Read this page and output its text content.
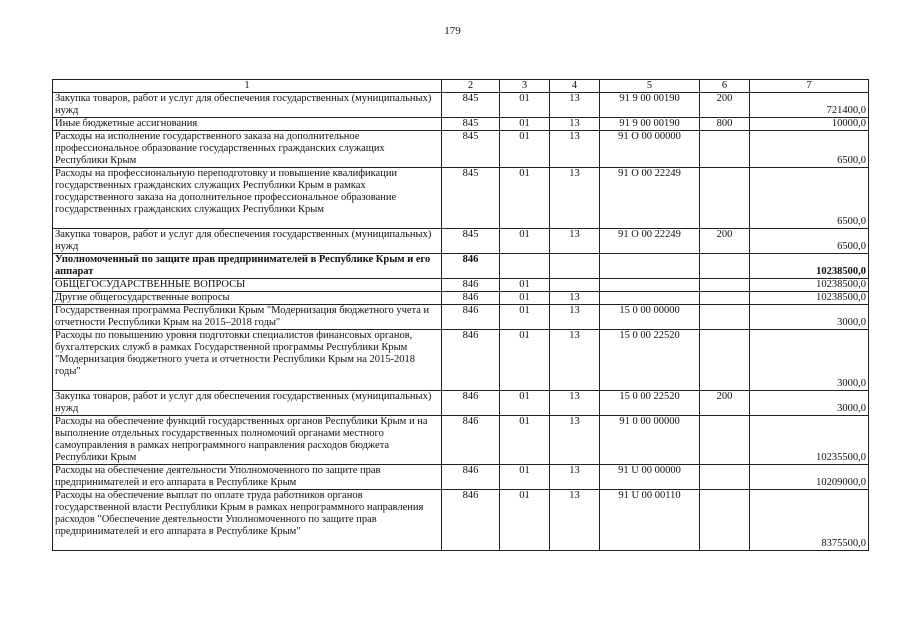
179
1	2	3	4	5	6	7
Закупка товаров, работ и услуг для обеспечения государственных (муниципальных) нужд	845	01	13	91 9 00 00190	200	721400,0
Иные бюджетные ассигнования	845	01	13	91 9 00 00190	800	10000,0
Расходы на исполнение государственного заказа на дополнительное профессиональное образование государственных гражданских служащих Республики Крым	845	01	13	91 О 00 00000		6500,0
Расходы на профессиональную переподготовку и повышение квалификации государственных гражданских служащих Республики Крым в рамках государственного заказа на дополнительное профессиональное образование государственных гражданских служащих Республики Крым	845	01	13	91 О 00 22249		6500,0
Закупка товаров, работ и услуг для обеспечения государственных (муниципальных) нужд	845	01	13	91 О 00 22249	200	6500,0
Уполномоченный по защите прав предпринимателей в Республике Крым и его аппарат	846					10238500,0
ОБЩЕГОСУДАРСТВЕННЫЕ ВОПРОСЫ	846	01				10238500,0
Другие общегосударственные вопросы	846	01	13			10238500,0
Государственная программа Республики Крым "Модернизация бюджетного учета и отчетности Республики Крым на 2015–2018 годы"	846	01	13	15 0 00 00000		3000,0
Расходы по повышению уровня подготовки специалистов финансовых органов, бухгалтерских служб в рамках Государственной программы Республики Крым "Модернизация бюджетного учета и отчетности Республики Крым на 2015-2018 годы"	846	01	13	15 0 00 22520		3000,0
Закупка товаров, работ и услуг для обеспечения государственных (муниципальных) нужд	846	01	13	15 0 00 22520	200	3000,0
Расходы на обеспечение функций государственных органов Республики Крым и на выполнение отдельных государственных полномочий органами местного самоуправления в рамках непрограммного направления расходов бюджета Республики Крым	846	01	13	91 0 00 00000		10235500,0
Расходы на обеспечение деятельности Уполномоченного по защите прав предпринимателей и его аппарата в Республике Крым	846	01	13	91 U 00 00000		10209000,0
Расходы на обеспечение выплат по оплате труда работников органов государственной власти Республики Крым в рамках непрограммного направления расходов "Обеспечение деятельности Уполномоченного по защите прав предпринимателей и его аппарата в Республике Крым"	846	01	13	91 U 00 00110		8375500,0
